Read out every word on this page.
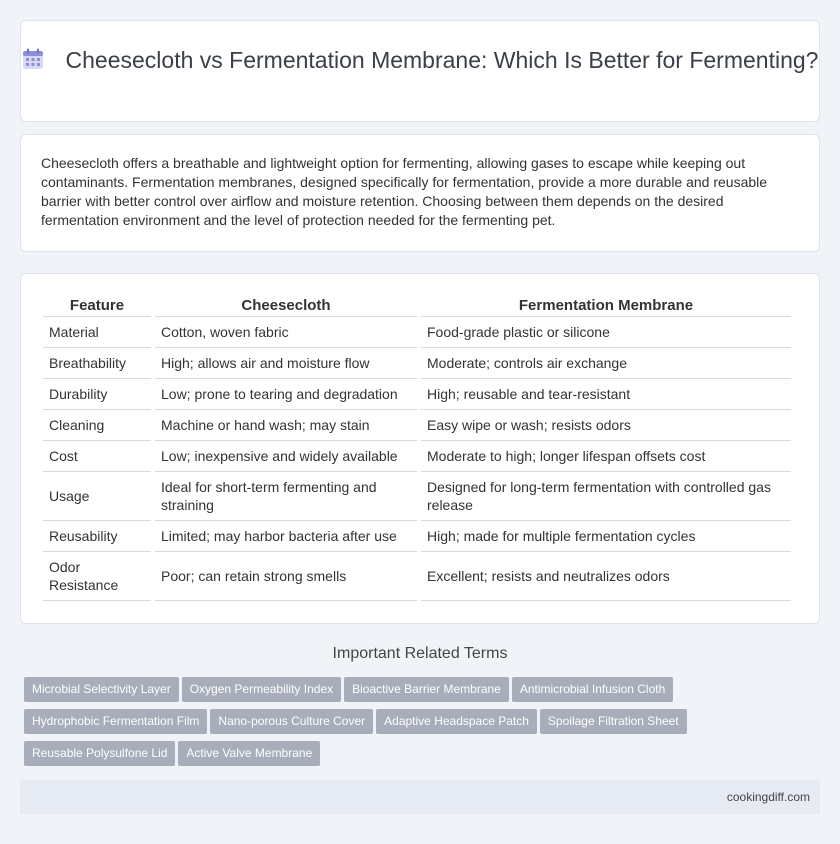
Cheesecloth vs Fermentation Membrane: Which Is Better for Fermenting?

Cheesecloth offers a breathable and lightweight option for fermenting, allowing gases to escape while keeping out contaminants. Fermentation membranes, designed specifically for fermentation, provide a more durable and reusable barrier with better control over airflow and moisture retention. Choosing between them depends on the desired fermentation environment and the level of protection needed for the fermenting pet.

Feature	Cheesecloth	Fermentation Membrane
Material	Cotton, woven fabric	Food-grade plastic or silicone
Breathability	High; allows air and moisture flow	Moderate; controls air exchange
Durability	Low; prone to tearing and degradation	High; reusable and tear-resistant
Cleaning	Machine or hand wash; may stain	Easy wipe or wash; resists odors
Cost	Low; inexpensive and widely available	Moderate to high; longer lifespan offsets cost
Usage	Ideal for short-term fermenting and straining	Designed for long-term fermentation with controlled gas release
Reusability	Limited; may harbor bacteria after use	High; made for multiple fermentation cycles
Odor Resistance	Poor; can retain strong smells	Excellent; resists and neutralizes odors
Important Related Terms
Microbial Selectivity Layer Oxygen Permeability Index Bioactive Barrier Membrane Antimicrobial Infusion Cloth
Hydrophobic Fermentation Film Nano-porous Culture Cover Adaptive Headspace Patch Spoilage Filtration Sheet
Reusable Polysulfone Lid Active Valve Membrane
cookingdiff.com
